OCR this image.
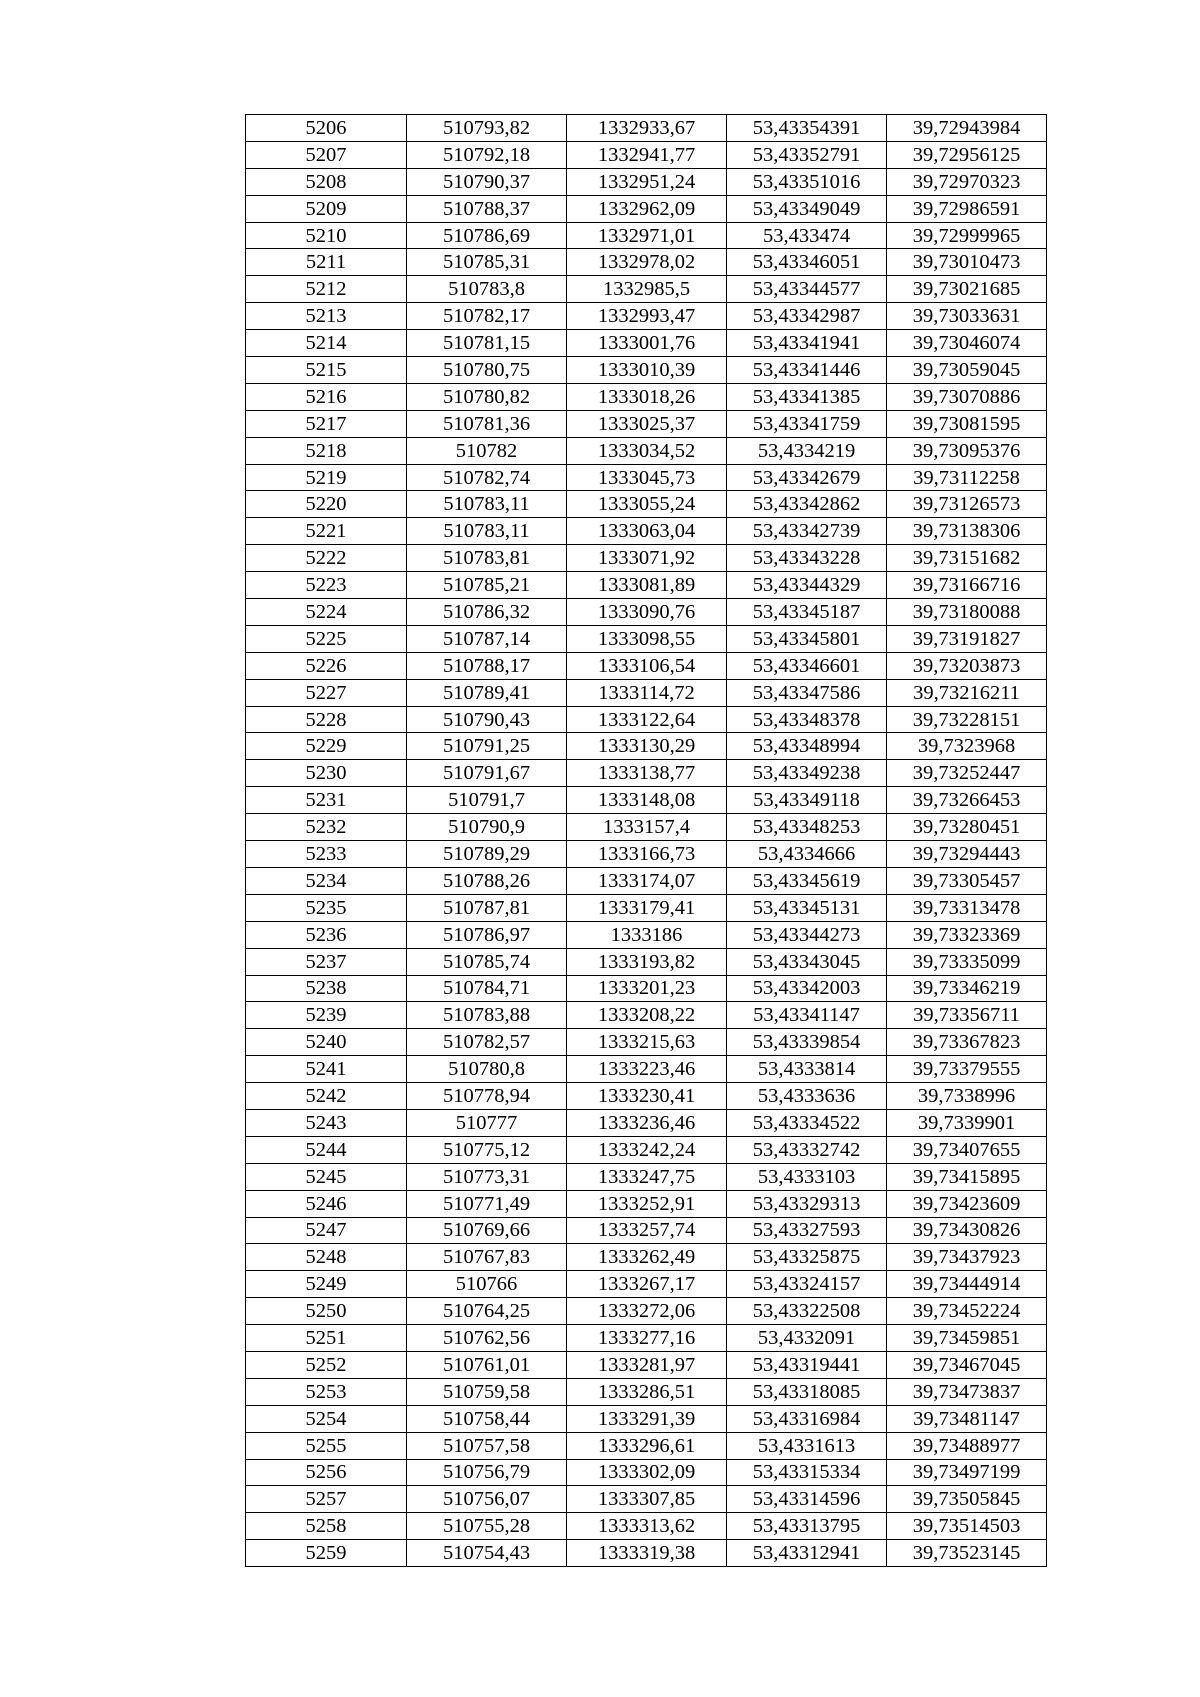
5206	510793,82	1332933,67	53,43354391	39,72943984
5207	510792,18	1332941,77	53,43352791	39,72956125
5208	510790,37	1332951,24	53,43351016	39,72970323
5209	510788,37	1332962,09	53,43349049	39,72986591
5210	510786,69	1332971,01	53,433474	39,72999965
5211	510785,31	1332978,02	53,43346051	39,73010473
5212	510783,8	1332985,5	53,43344577	39,73021685
5213	510782,17	1332993,47	53,43342987	39,73033631
5214	510781,15	1333001,76	53,43341941	39,73046074
5215	510780,75	1333010,39	53,43341446	39,73059045
5216	510780,82	1333018,26	53,43341385	39,73070886
5217	510781,36	1333025,37	53,43341759	39,73081595
5218	510782	1333034,52	53,4334219	39,73095376
5219	510782,74	1333045,73	53,43342679	39,73112258
5220	510783,11	1333055,24	53,43342862	39,73126573
5221	510783,11	1333063,04	53,43342739	39,73138306
5222	510783,81	1333071,92	53,43343228	39,73151682
5223	510785,21	1333081,89	53,43344329	39,73166716
5224	510786,32	1333090,76	53,43345187	39,73180088
5225	510787,14	1333098,55	53,43345801	39,73191827
5226	510788,17	1333106,54	53,43346601	39,73203873
5227	510789,41	1333114,72	53,43347586	39,73216211
5228	510790,43	1333122,64	53,43348378	39,73228151
5229	510791,25	1333130,29	53,43348994	39,7323968
5230	510791,67	1333138,77	53,43349238	39,73252447
5231	510791,7	1333148,08	53,43349118	39,73266453
5232	510790,9	1333157,4	53,43348253	39,73280451
5233	510789,29	1333166,73	53,4334666	39,73294443
5234	510788,26	1333174,07	53,43345619	39,73305457
5235	510787,81	1333179,41	53,43345131	39,73313478
5236	510786,97	1333186	53,43344273	39,73323369
5237	510785,74	1333193,82	53,43343045	39,73335099
5238	510784,71	1333201,23	53,43342003	39,73346219
5239	510783,88	1333208,22	53,43341147	39,73356711
5240	510782,57	1333215,63	53,43339854	39,73367823
5241	510780,8	1333223,46	53,4333814	39,73379555
5242	510778,94	1333230,41	53,4333636	39,7338996
5243	510777	1333236,46	53,43334522	39,7339901
5244	510775,12	1333242,24	53,43332742	39,73407655
5245	510773,31	1333247,75	53,4333103	39,73415895
5246	510771,49	1333252,91	53,43329313	39,73423609
5247	510769,66	1333257,74	53,43327593	39,73430826
5248	510767,83	1333262,49	53,43325875	39,73437923
5249	510766	1333267,17	53,43324157	39,73444914
5250	510764,25	1333272,06	53,43322508	39,73452224
5251	510762,56	1333277,16	53,4332091	39,73459851
5252	510761,01	1333281,97	53,43319441	39,73467045
5253	510759,58	1333286,51	53,43318085	39,73473837
5254	510758,44	1333291,39	53,43316984	39,73481147
5255	510757,58	1333296,61	53,4331613	39,73488977
5256	510756,79	1333302,09	53,43315334	39,73497199
5257	510756,07	1333307,85	53,43314596	39,73505845
5258	510755,28	1333313,62	53,43313795	39,73514503
5259	510754,43	1333319,38	53,43312941	39,73523145
